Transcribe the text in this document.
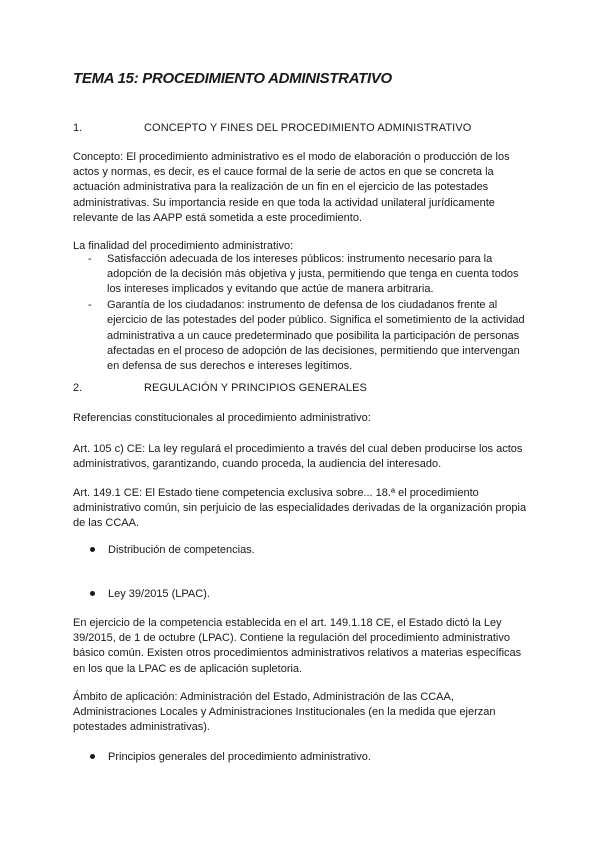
TEMA 15: PROCEDIMIENTO ADMINISTRATIVO
1.	CONCEPTO Y FINES DEL PROCEDIMIENTO ADMINISTRATIVO

Concepto: El procedimiento administrativo es el modo de elaboración o producción de los actos y normas, es decir, es el cauce formal de la serie de actos en que se concreta la actuación administrativa para la realización de un fin en el ejercicio de las potestades administrativas. Su importancia reside en que toda la actividad unilateral jurídicamente relevante de las AAPP está sometida a este procedimiento.

La finalidad del procedimiento administrativo:

- Satisfacción adecuada de los intereses públicos: instrumento necesario para la adopción de la decisión más objetiva y justa, permitiendo que tenga en cuenta todos los intereses implicados y evitando que actúe de manera arbitraria.

- Garantía de los ciudadanos: instrumento de defensa de los ciudadanos frente al ejercicio de las potestades del poder público. Significa el sometimiento de la actividad administrativa a un cauce predeterminado que posibilita la participación de personas afectadas en el proceso de adopción de las decisiones, permitiendo que intervengan en defensa de sus derechos e intereses legítimos.

2.	REGULACIÓN Y PRINCIPIOS GENERALES

Referencias constitucionales al procedimiento administrativo:

Art. 105 c) CE: La ley regulará el procedimiento a través del cual deben producirse los actos administrativos, garantizando, cuando proceda, la audiencia del interesado.

Art. 149.1 CE: El Estado tiene competencia exclusiva sobre... 18.ª el procedimiento administrativo común, sin perjuicio de las especialidades derivadas de la organización propia de las CCAA.

Distribución de competencias.
Ley 39/2015 (LPAC).

En ejercicio de la competencia establecida en el art. 149.1.18 CE, el Estado dictó la Ley 39/2015, de 1 de octubre (LPAC). Contiene la regulación del procedimiento administrativo básico común. Existen otros procedimientos administrativos relativos a materias específicas en los que la LPAC es de aplicación supletoria.

Ámbito de aplicación: Administración del Estado, Administración de las CCAA, Administraciones Locales y Administraciones Institucionales (en la medida que ejerzan potestades administrativas).

Principios generales del procedimiento administrativo.
